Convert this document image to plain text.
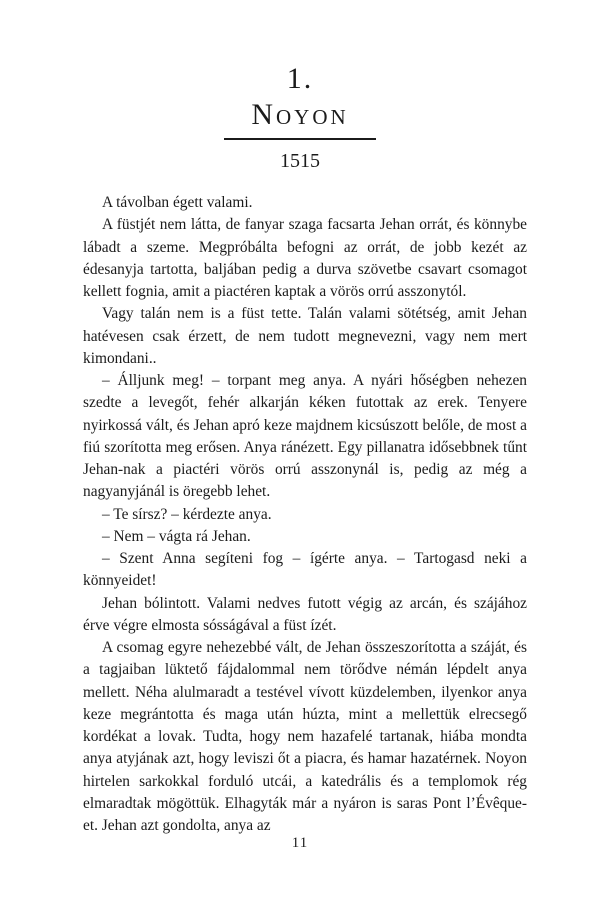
1.
Noyon
1515

A távolban égett valami.

A füstjét nem látta, de fanyar szaga facsarta Jehan orrát, és könnybe lábadt a szeme. Megpróbálta befogni az orrát, de jobb kezét az édesanyja tartotta, baljában pedig a durva szövetbe csavart csomagot kellett fognia, amit a piactéren kaptak a vörös orrú asszonytól.

Vagy talán nem is a füst tette. Talán valami sötétség, amit Jehan hatévesen csak érzett, de nem tudott megnevezni, vagy nem mert kimondani..

– Álljunk meg! – torpant meg anya. A nyári hőségben nehezen szedte a levegőt, fehér alkarján kéken futottak az erek. Tenyere nyirkossá vált, és Jehan apró keze majdnem kicsúszott belőle, de most a fiú szorította meg erősen. Anya ránézett. Egy pillanatra idősebbnek tűnt Jehan-nak a piactéri vörös orrú asszonynál is, pedig az még a nagyanyjánál is öregebb lehet.

– Te sírsz? – kérdezte anya.

– Nem – vágta rá Jehan.

– Szent Anna segíteni fog – ígérte anya. – Tartogasd neki a könnyeidet!

Jehan bólintott. Valami nedves futott végig az arcán, és szájához érve végre elmosta sósságával a füst ízét.

A csomag egyre nehezebbé vált, de Jehan összeszorította a száját, és a tagjaiban lüktető fájdalommal nem törődve némán lépdelt anya mellett. Néha alulmaradt a testével vívott küzdelemben, ilyenkor anya keze megrántotta és maga után húzta, mint a mellettük elrecsegő kordékat a lovak. Tudta, hogy nem hazafelé tartanak, hiába mondta anya atyjának azt, hogy leviszi őt a piacra, és hamar hazatérnek. Noyon hirtelen sarkokkal forduló utcái, a katedrális és a templomok rég elmaradtak mögöttük. Elhagyták már a nyáron is saras Pont l’Évêque-et. Jehan azt gondolta, anya az

11
